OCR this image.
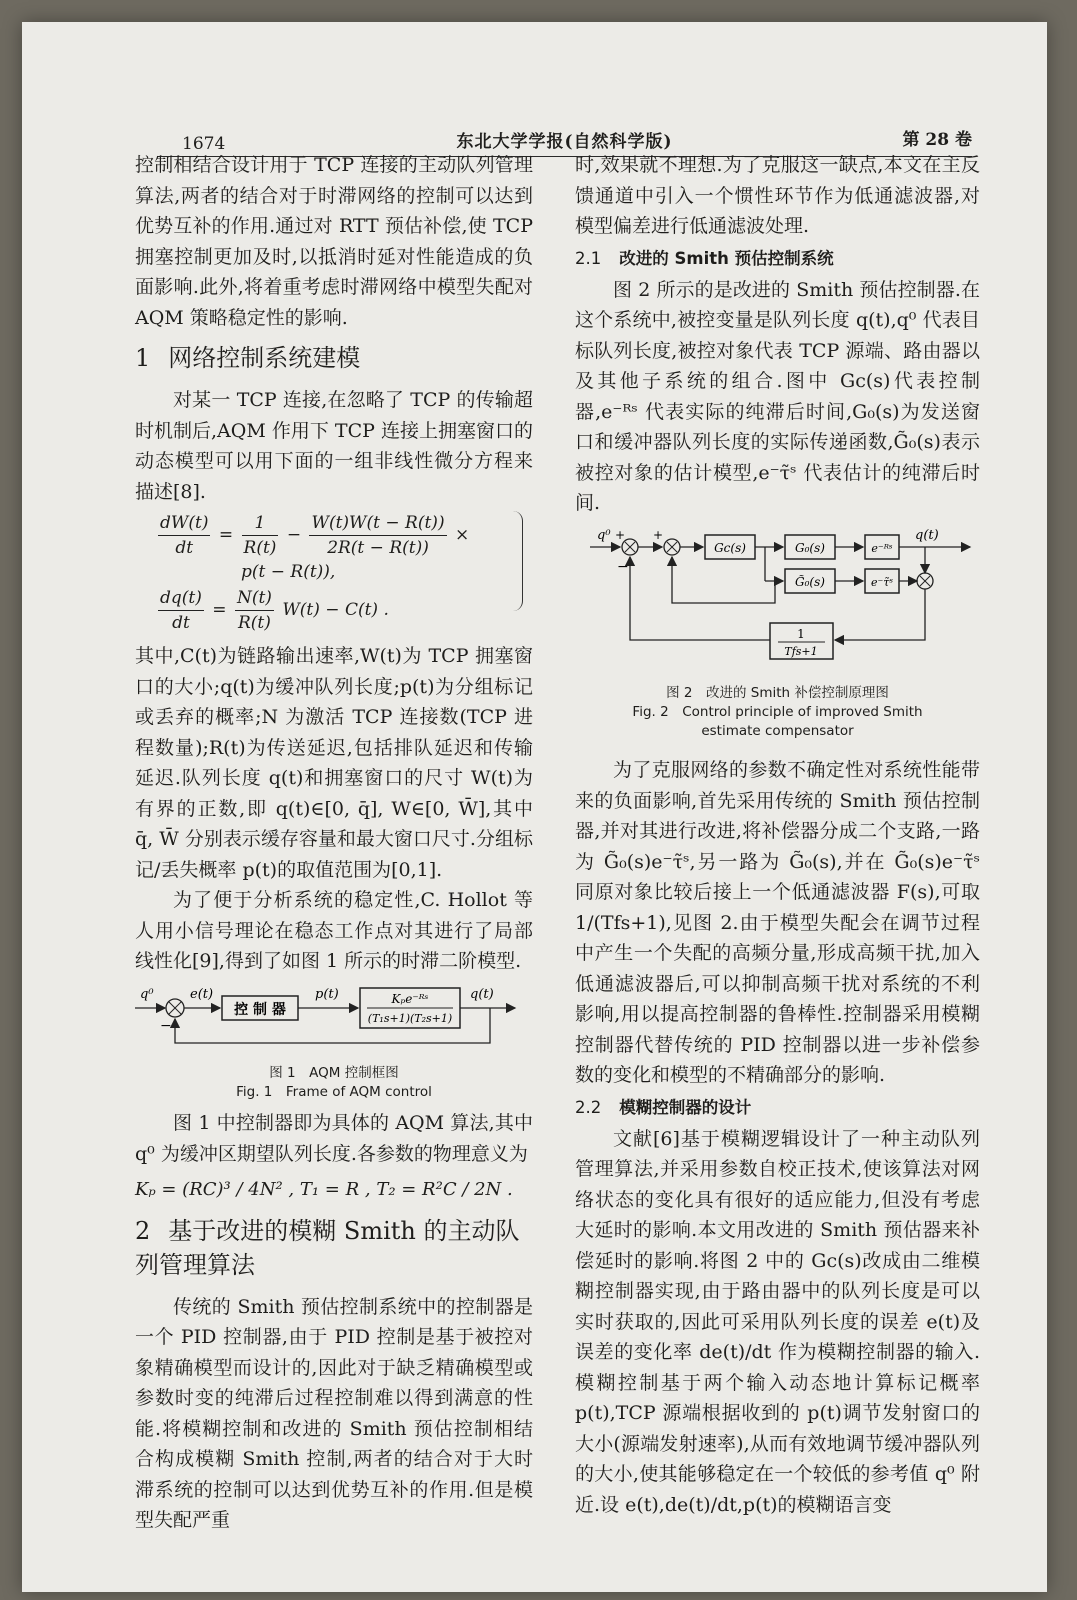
1674	东北大学学报(自然科学版)	第 28 卷

控制相结合设计用于 TCP 连接的主动队列管理算法,两者的结合对于时滞网络的控制可以达到优势互补的作用.通过对 RTT 预估补偿,使 TCP 拥塞控制更加及时,以抵消时延对性能造成的负面影响.此外,将着重考虑时滞网络中模型失配对 AQM 策略稳定性的影响.

1 网络控制系统建模

对某一 TCP 连接,在忽略了 TCP 的传输超时机制后,AQM 作用下 TCP 连接上拥塞窗口的动态模型可以用下面的一组非线性微分方程来描述[8].

$\frac{dW(t)}{dt} = \frac{1}{R(t)} - \frac{W(t)W(t - R(t))}{2R(t - R(t))}$ ×
p(t − R(t)),
$\frac{dq(t)}{dt} = \frac{N(t)}{R(t)} W(t) - C(t)$ .

其中,C(t)为链路输出速率,W(t)为 TCP 拥塞窗口的大小;q(t)为缓冲队列长度;p(t)为分组标记或丢弃的概率;N 为激活 TCP 连接数(TCP 进程数量);R(t)为传送延迟,包括排队延迟和传输延迟.队列长度 q(t)和拥塞窗口的尺寸 W(t)为有界的正数,即 q(t)∈[0, q̄], W∈[0, W̄],其中 q̄, W̄ 分别表示缓存容量和最大窗口尺寸.分组标记/丢失概率 p(t)的取值范围为[0,1].

为了便于分析系统的稳定性,C. Hollot 等人用小信号理论在稳态工作点对其进行了局部线性化[9],得到了如图 1 所示的时滞二阶模型.

q⁰	e(t)
控 制 器
p(t)	Kₚe⁻ᴿˢ
(T₁s+1)(T₂s+1)
q(t)
−
图 1　AQM 控制框图
Fig. 1　Frame of AQM control

图 1 中控制器即为具体的 AQM 算法,其中 q⁰ 为缓冲区期望队列长度.各参数的物理意义为

Kₚ = (RC)³ / 4N² , T₁ = R , T₂ = R²C / 2N .
2 基于改进的模糊 Smith 的主动队列管理算法

传统的 Smith 预估控制系统中的控制器是一个 PID 控制器,由于 PID 控制是基于被控对象精确模型而设计的,因此对于缺乏精确模型或参数时变的纯滞后过程控制难以得到满意的性能.将模糊控制和改进的 Smith 预估控制相结合构成模糊 Smith 控制,两者的结合对于大时滞系统的控制可以达到优势互补的作用.但是模型失配严重

时,效果就不理想.为了克服这一缺点,本文在主反馈通道中引入一个惯性环节作为低通滤波器,对模型偏差进行低通滤波处理.

2.1 改进的 Smith 预估控制系统

图 2 所示的是改进的 Smith 预估控制器.在这个系统中,被控变量是队列长度 q(t),q⁰ 代表目标队列长度,被控对象代表 TCP 源端、路由器以及其他子系统的组合.图中 Gc(s)代表控制器,e⁻ᴿˢ 代表实际的纯滞后时间,G₀(s)为发送窗口和缓冲器队列长度的实际传递函数,G̃₀(s)表示被控对象的估计模型,e⁻τ̃ˢ 代表估计的纯滞后时间.

q⁰ + +
Gc(s)	G₀(s)	e⁻ᴿˢ
q(t)
G̃₀(s)	e⁻τ̃ˢ
1
Tfs+1
−
图 2　改进的 Smith 补偿控制原理图
Fig. 2　Control principle of improved Smith estimate compensator

为了克服网络的参数不确定性对系统性能带来的负面影响,首先采用传统的 Smith 预估控制器,并对其进行改进,将补偿器分成二个支路,一路为 G̃₀(s)e⁻τ̃ˢ,另一路为 G̃₀(s),并在 G̃₀(s)e⁻τ̃ˢ 同原对象比较后接上一个低通滤波器 F(s),可取 1/(Tfs+1),见图 2.由于模型失配会在调节过程中产生一个失配的高频分量,形成高频干扰,加入低通滤波器后,可以抑制高频干扰对系统的不利影响,用以提高控制器的鲁棒性.控制器采用模糊控制器代替传统的 PID 控制器以进一步补偿参数的变化和模型的不精确部分的影响.

2.2 模糊控制器的设计

文献[6]基于模糊逻辑设计了一种主动队列管理算法,并采用参数自校正技术,使该算法对网络状态的变化具有很好的适应能力,但没有考虑大延时的影响.本文用改进的 Smith 预估器来补偿延时的影响.将图 2 中的 Gc(s)改成由二维模糊控制器实现,由于路由器中的队列长度是可以实时获取的,因此可采用队列长度的误差 e(t)及误差的变化率 de(t)/dt 作为模糊控制器的输入.模糊控制基于两个输入动态地计算标记概率 p(t),TCP 源端根据收到的 p(t)调节发射窗口的大小(源端发射速率),从而有效地调节缓冲器队列的大小,使其能够稳定在一个较低的参考值 q⁰ 附近.设 e(t),de(t)/dt,p(t)的模糊语言变
